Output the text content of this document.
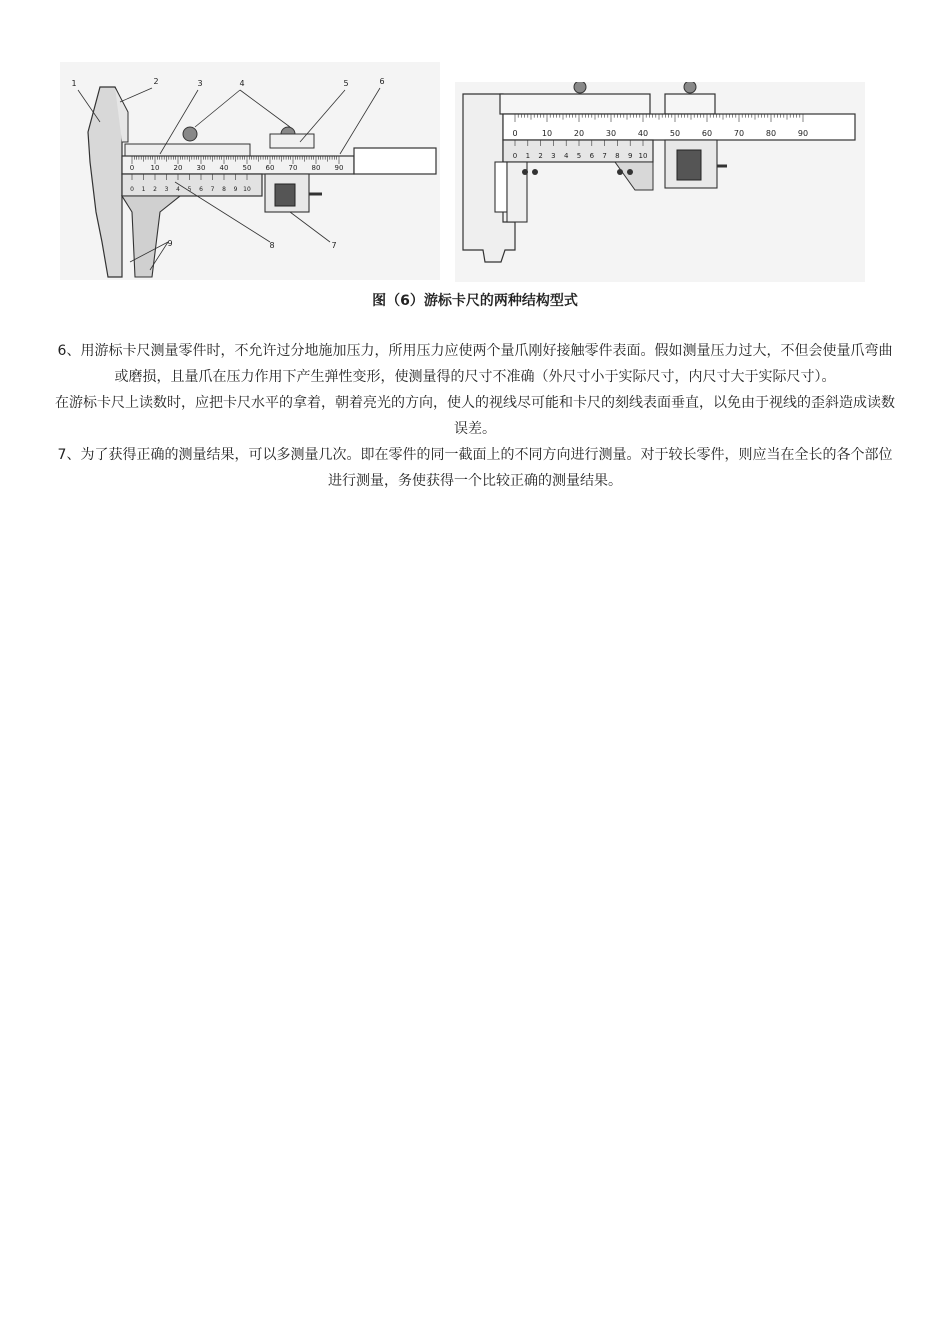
0 10 20 30 40 50 60 70 80 90
0 1 2 3 4 5 6 7 8 9 10
1	2	3	4	5	6
7
8
9
0	10	20	30	40	50	60	70	80	90
0 1 2 3 4 5 6 7 8 9 10
图（6）游标卡尺的两种结构型式

6、用游标卡尺测量零件时，不允许过分地施加压力，所用压力应使两个量爪刚好接触零件表面。假如测量压力过大，不但会使量爪弯曲或磨损，且量爪在压力作用下产生弹性变形，使测量得的尺寸不准确（外尺寸小于实际尺寸，内尺寸大于实际尺寸）。

在游标卡尺上读数时，应把卡尺水平的拿着，朝着亮光的方向，使人的视线尽可能和卡尺的刻线表面垂直，以免由于视线的歪斜造成读数误差。

7、为了获得正确的测量结果，可以多测量几次。即在零件的同一截面上的不同方向进行测量。对于较长零件，则应当在全长的各个部位进行测量，务使获得一个比较正确的测量结果。
